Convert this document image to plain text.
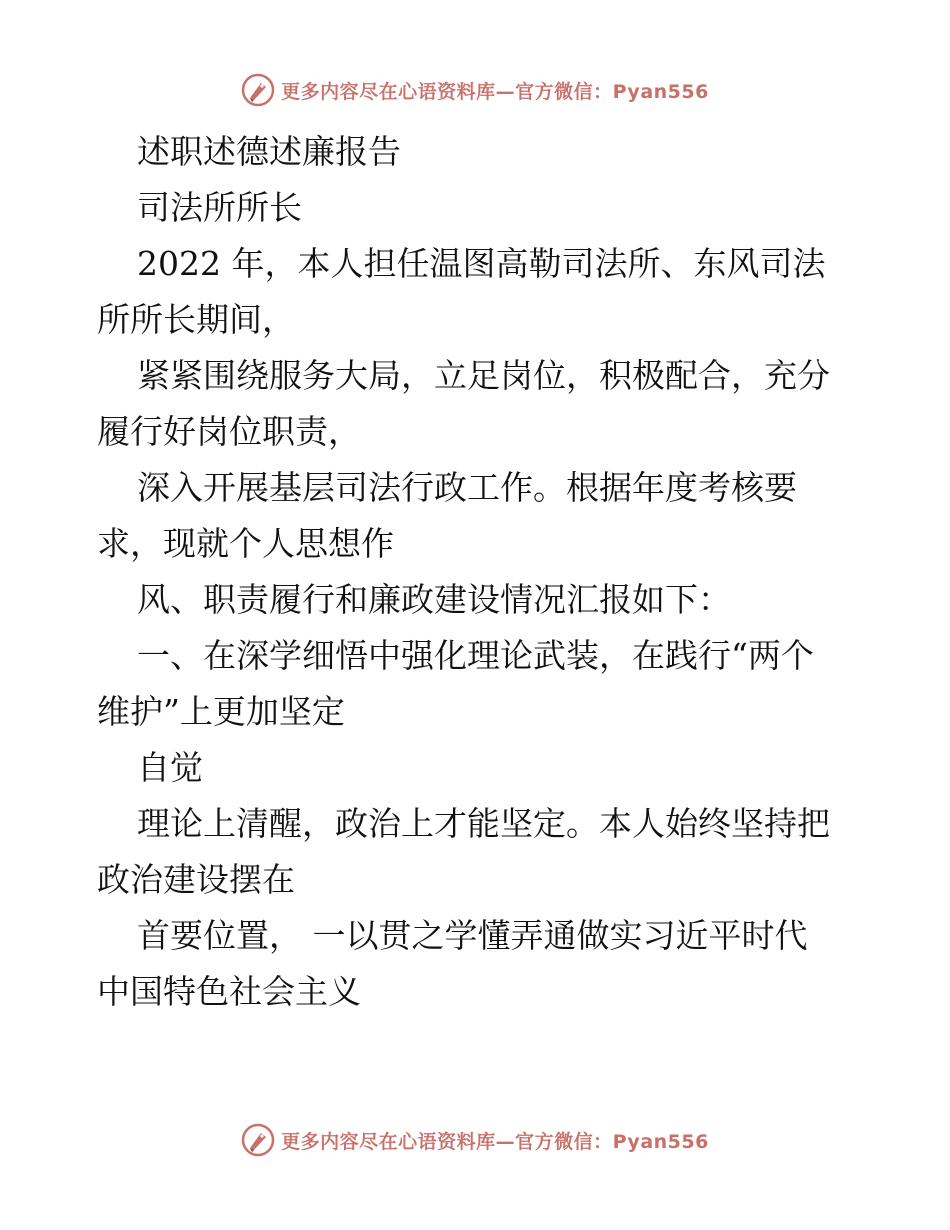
更多内容尽在心语资料库—官方微信：Pyan556

述职述德述廉报告

司法所所长

2022 年，本人担任温图高勒司法所、东风司法

所所长期间，

紧紧围绕服务大局，立足岗位，积极配合，充分

履行好岗位职责，

深入开展基层司法行政工作。根据年度考核要

求，现就个人思想作

风、职责履行和廉政建设情况汇报如下：

一、在深学细悟中强化理论武装，在践行“两个

维护”上更加坚定

自觉

理论上清醒，政治上才能坚定。本人始终坚持把

政治建设摆在

首要位置， 一以贯之学懂弄通做实习近平时代

中国特色社会主义

更多内容尽在心语资料库—官方微信：Pyan556
